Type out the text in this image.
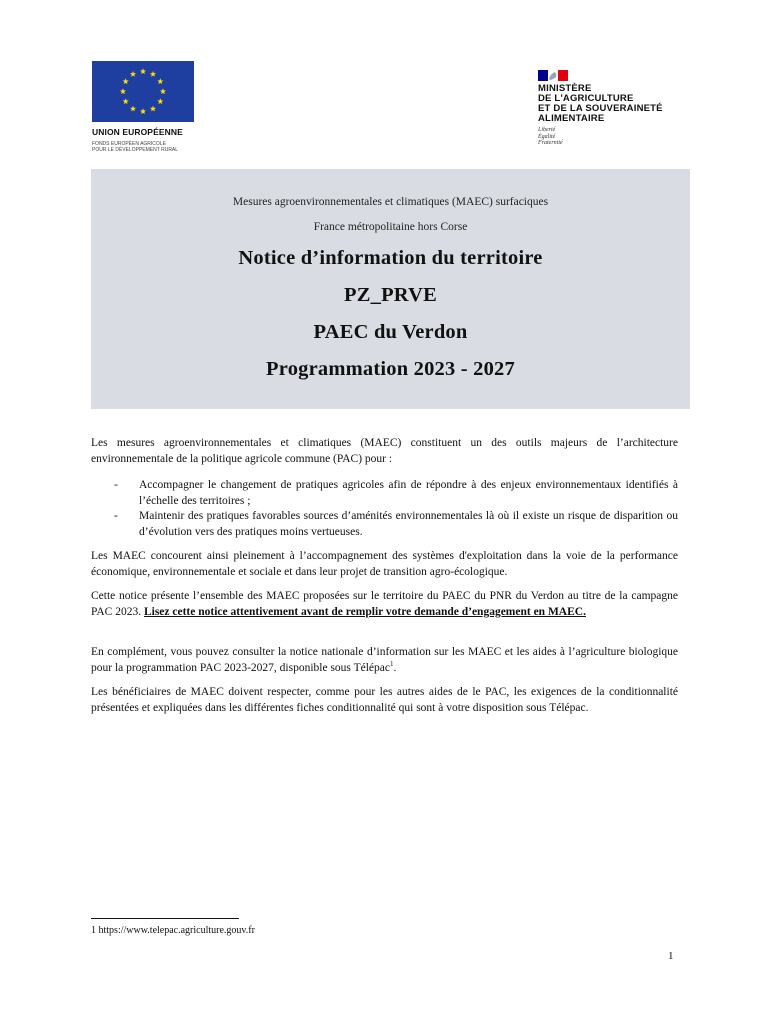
UNION EUROPÉENNE
FONDS EUROPÉEN AGRICOLE
POUR LE DÉVELOPPEMENT RURAL
MINISTÈRE
DE L'AGRICULTURE
ET DE LA SOUVERAINETÉ
ALIMENTAIRE
Liberté
Égalité
Fraternité
Mesures agroenvironnementales et climatiques (MAEC) surfaciques
France métropolitaine hors Corse
Notice d’information du territoire
PZ_PRVE
PAEC du Verdon
Programmation 2023 - 2027
Les mesures agroenvironnementales et climatiques (MAEC) constituent un des outils majeurs de l’architecture environnementale de la politique agricole commune (PAC) pour :
-	Accompagner le changement de pratiques agricoles afin de répondre à des enjeux environnementaux identifiés à l’échelle des territoires ;
-	Maintenir des pratiques favorables sources d’aménités environnementales là où il existe un risque de disparition ou d’évolution vers des pratiques moins vertueuses.
Les MAEC concourent ainsi pleinement à l’accompagnement des systèmes d'exploitation dans la voie de la performance économique, environnementale et sociale et dans leur projet de transition agro-écologique.
Cette notice présente l’ensemble des MAEC proposées sur le territoire du PAEC du PNR du Verdon au titre de la campagne PAC 2023. Lisez cette notice attentivement avant de remplir votre demande d’engagement en MAEC.
En complément, vous pouvez consulter la notice nationale d’information sur les MAEC et les aides à l’agriculture biologique pour la programmation PAC 2023-2027, disponible sous Télépac$^1$.
Les bénéficiaires de MAEC doivent respecter, comme pour les autres aides de le PAC, les exigences de la conditionnalité présentées et expliquées dans les différentes fiches conditionnalité qui sont à votre disposition sous Télépac.
1 https://www.telepac.agriculture.gouv.fr
1
